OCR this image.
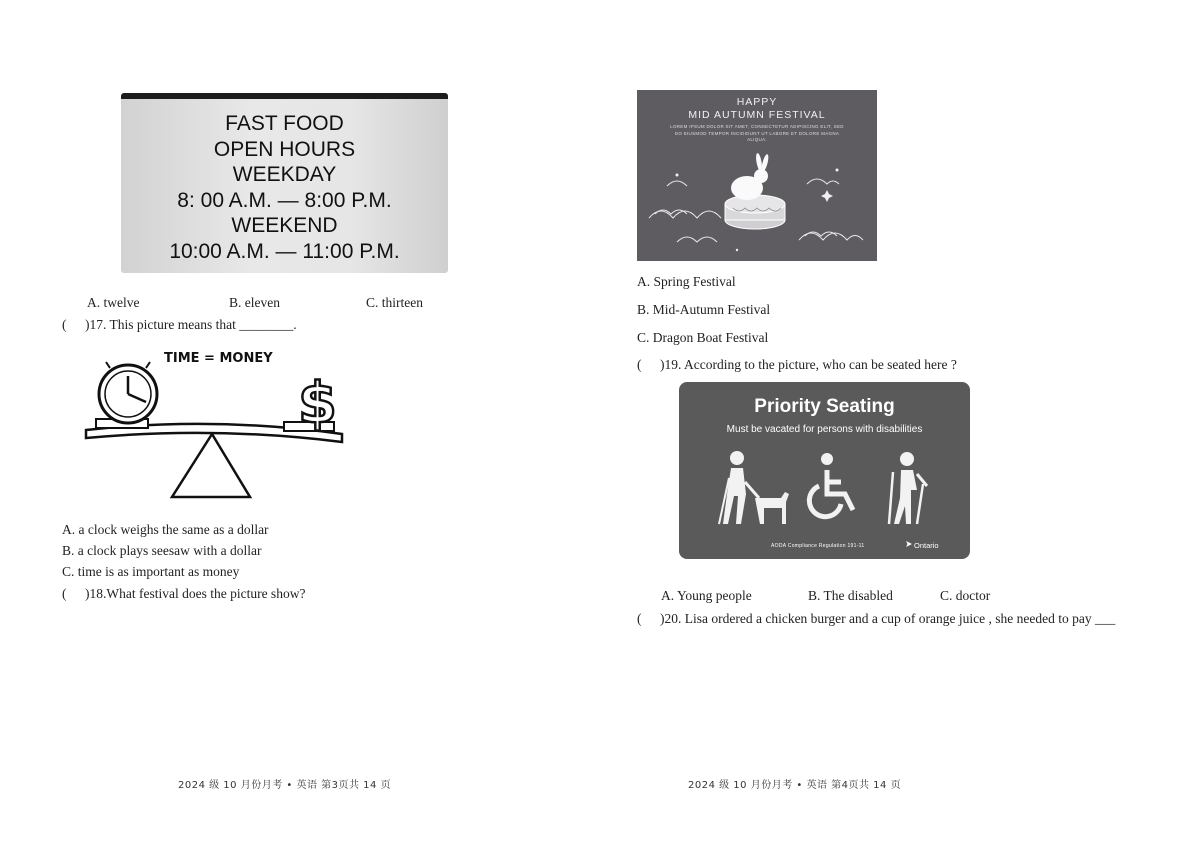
FAST FOOD
OPEN HOURS
WEEKDAY
8: 00 A.M. — 8:00 P.M.
WEEKEND
10:00 A.M. — 11:00 P.M.
A. twelve	B. eleven	C. thirteen
( )17. This picture means that ________.
TIME = MONEY
$
A. a clock weighs the same as a dollar
B. a clock plays seesaw with a dollar
C. time is as important as money
( )18.What festival does the picture show?
2024 级 10 月份月考 • 英语 第3页共 14 页
HAPPY
MID AUTUMN FESTIVAL
LOREM IPSUM DOLOR SIT AMET, CONSECTETUR ADIPISCING ELIT, SED DO EIUSMOD TEMPOR INCIDIDUNT UT LABORE ET DOLORE MAGNA ALIQUA.
A. Spring Festival
B. Mid-Autumn Festival
C. Dragon Boat Festival
( )19. According to the picture, who can be seated here ?
Priority Seating
Must be vacated for persons with disabilities
AODA Compliance Regulation 191-11	Ontario
A. Young people	B. The disabled	C. doctor
( )20. Lisa ordered a chicken burger and a cup of orange juice , she needed to pay ___
2024 级 10 月份月考 • 英语 第4页共 14 页
